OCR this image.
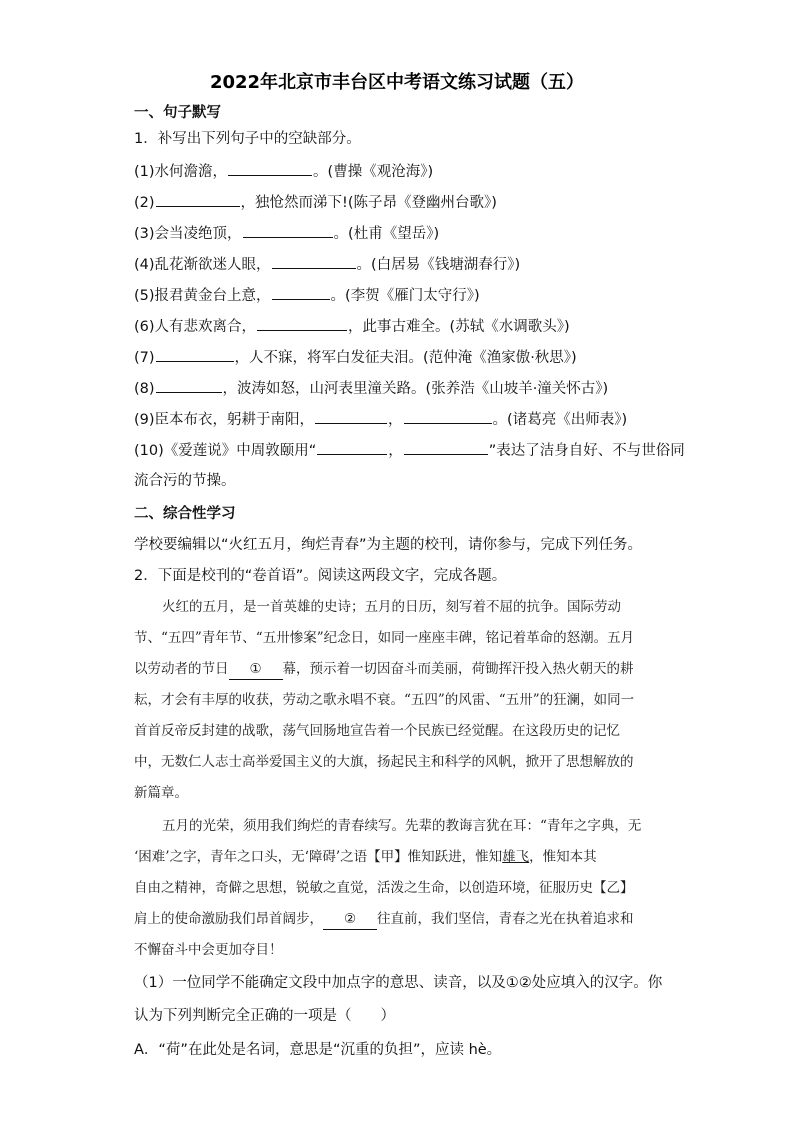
2022年北京市丰台区中考语文练习试题（五）
一、句子默写
1．补写出下列句子中的空缺部分。
(1)水何澹澹，	。(曹操《观沧海》)
(2)	，独怆然而涕下!(陈子昂《登幽州台歌》)
(3)会当凌绝顶，	。(杜甫《望岳》)
(4)乱花渐欲迷人眼，	。(白居易《钱塘湖春行》)
(5)报君黄金台上意，	。(李贺《雁门太守行》)
(6)人有悲欢离合，	，此事古难全。(苏轼《水调歌头》)
(7)	，人不寐，将军白发征夫泪。(范仲淹《渔家傲·秋思》)
(8)	，波涛如怒，山河表里潼关路。(张养浩《山坡羊·潼关怀古》)
(9)臣本布衣，躬耕于南阳，	，	。(诸葛亮《出师表》)
(10)《爱莲说》中周敦颐用“	，	”表达了洁身自好、不与世俗同
流合污的节操。
二、综合性学习
学校要编辑以“火红五月，绚烂青春”为主题的校刊，请你参与，完成下列任务。
2．下面是校刊的“卷首语”。阅读这两段文字，完成各题。
火红的五月，是一首英雄的史诗；五月的日历，刻写着不屈的抗争。国际劳动
节、“五四”青年节、“五卅惨案”纪念日，如同一座座丰碑，铭记着革命的怒潮。五月
以劳动者的节日 ① 幕，预示着一切因奋斗而美丽，荷锄挥汗投入热火朝天的耕
耘，才会有丰厚的收获，劳动之歌永唱不衰。“五四”的风雷、“五卅”的狂澜，如同一
首首反帝反封建的战歌，荡气回肠地宣告着一个民族已经觉醒。在这段历史的记忆
中，无数仁人志士高举爱国主义的大旗，扬起民主和科学的风帆，掀开了思想解放的
新篇章。
五月的光荣，须用我们绚烂的青春续写。先辈的教诲言犹在耳：“青年之字典，无
‘困难’之字，青年之口头，无‘障碍’之语【甲】惟知跃进，惟知雄飞，惟知本其
自由之精神，奇僻之思想，锐敏之直觉，活泼之生命，以创造环境，征服历史【乙】
肩上的使命激励我们昂首阔步， ② 往直前，我们坚信，青春之光在执着追求和
不懈奋斗中会更加夺目！
（1）一位同学不能确定文段中加点字的意思、读音，以及①②处应填入的汉字。你
认为下列判断完全正确的一项是（　　）
A．“荷”在此处是名词，意思是“沉重的负担”，应读 hè。
